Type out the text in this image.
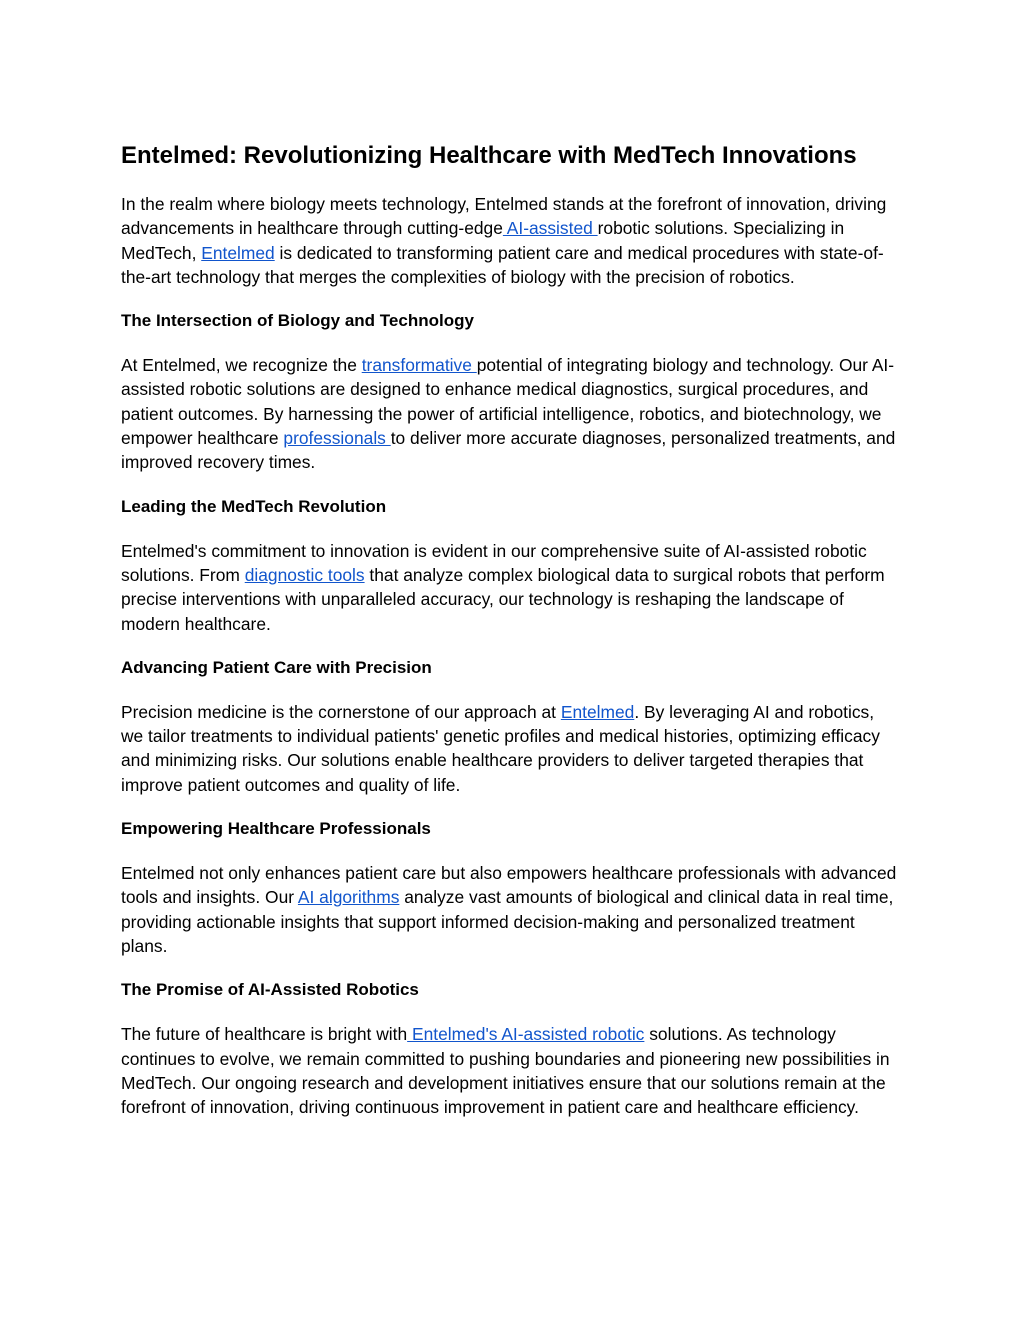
Entelmed: Revolutionizing Healthcare with MedTech Innovations

In the realm where biology meets technology, Entelmed stands at the forefront of innovation, driving advancements in healthcare through cutting-edge AI-assisted robotic solutions. Specializing in MedTech, Entelmed is dedicated to transforming patient care and medical procedures with state-of-the-art technology that merges the complexities of biology with the precision of robotics.

The Intersection of Biology and Technology

At Entelmed, we recognize the transformative potential of integrating biology and technology. Our AI-assisted robotic solutions are designed to enhance medical diagnostics, surgical procedures, and patient outcomes. By harnessing the power of artificial intelligence, robotics, and biotechnology, we empower healthcare professionals to deliver more accurate diagnoses, personalized treatments, and improved recovery times.

Leading the MedTech Revolution

Entelmed's commitment to innovation is evident in our comprehensive suite of AI-assisted robotic solutions. From diagnostic tools that analyze complex biological data to surgical robots that perform precise interventions with unparalleled accuracy, our technology is reshaping the landscape of modern healthcare.

Advancing Patient Care with Precision

Precision medicine is the cornerstone of our approach at Entelmed. By leveraging AI and robotics, we tailor treatments to individual patients' genetic profiles and medical histories, optimizing efficacy and minimizing risks. Our solutions enable healthcare providers to deliver targeted therapies that improve patient outcomes and quality of life.

Empowering Healthcare Professionals

Entelmed not only enhances patient care but also empowers healthcare professionals with advanced tools and insights. Our AI algorithms analyze vast amounts of biological and clinical data in real time, providing actionable insights that support informed decision-making and personalized treatment plans.

The Promise of AI-Assisted Robotics

The future of healthcare is bright with Entelmed's AI-assisted robotic solutions. As technology continues to evolve, we remain committed to pushing boundaries and pioneering new possibilities in MedTech. Our ongoing research and development initiatives ensure that our solutions remain at the forefront of innovation, driving continuous improvement in patient care and healthcare efficiency.
